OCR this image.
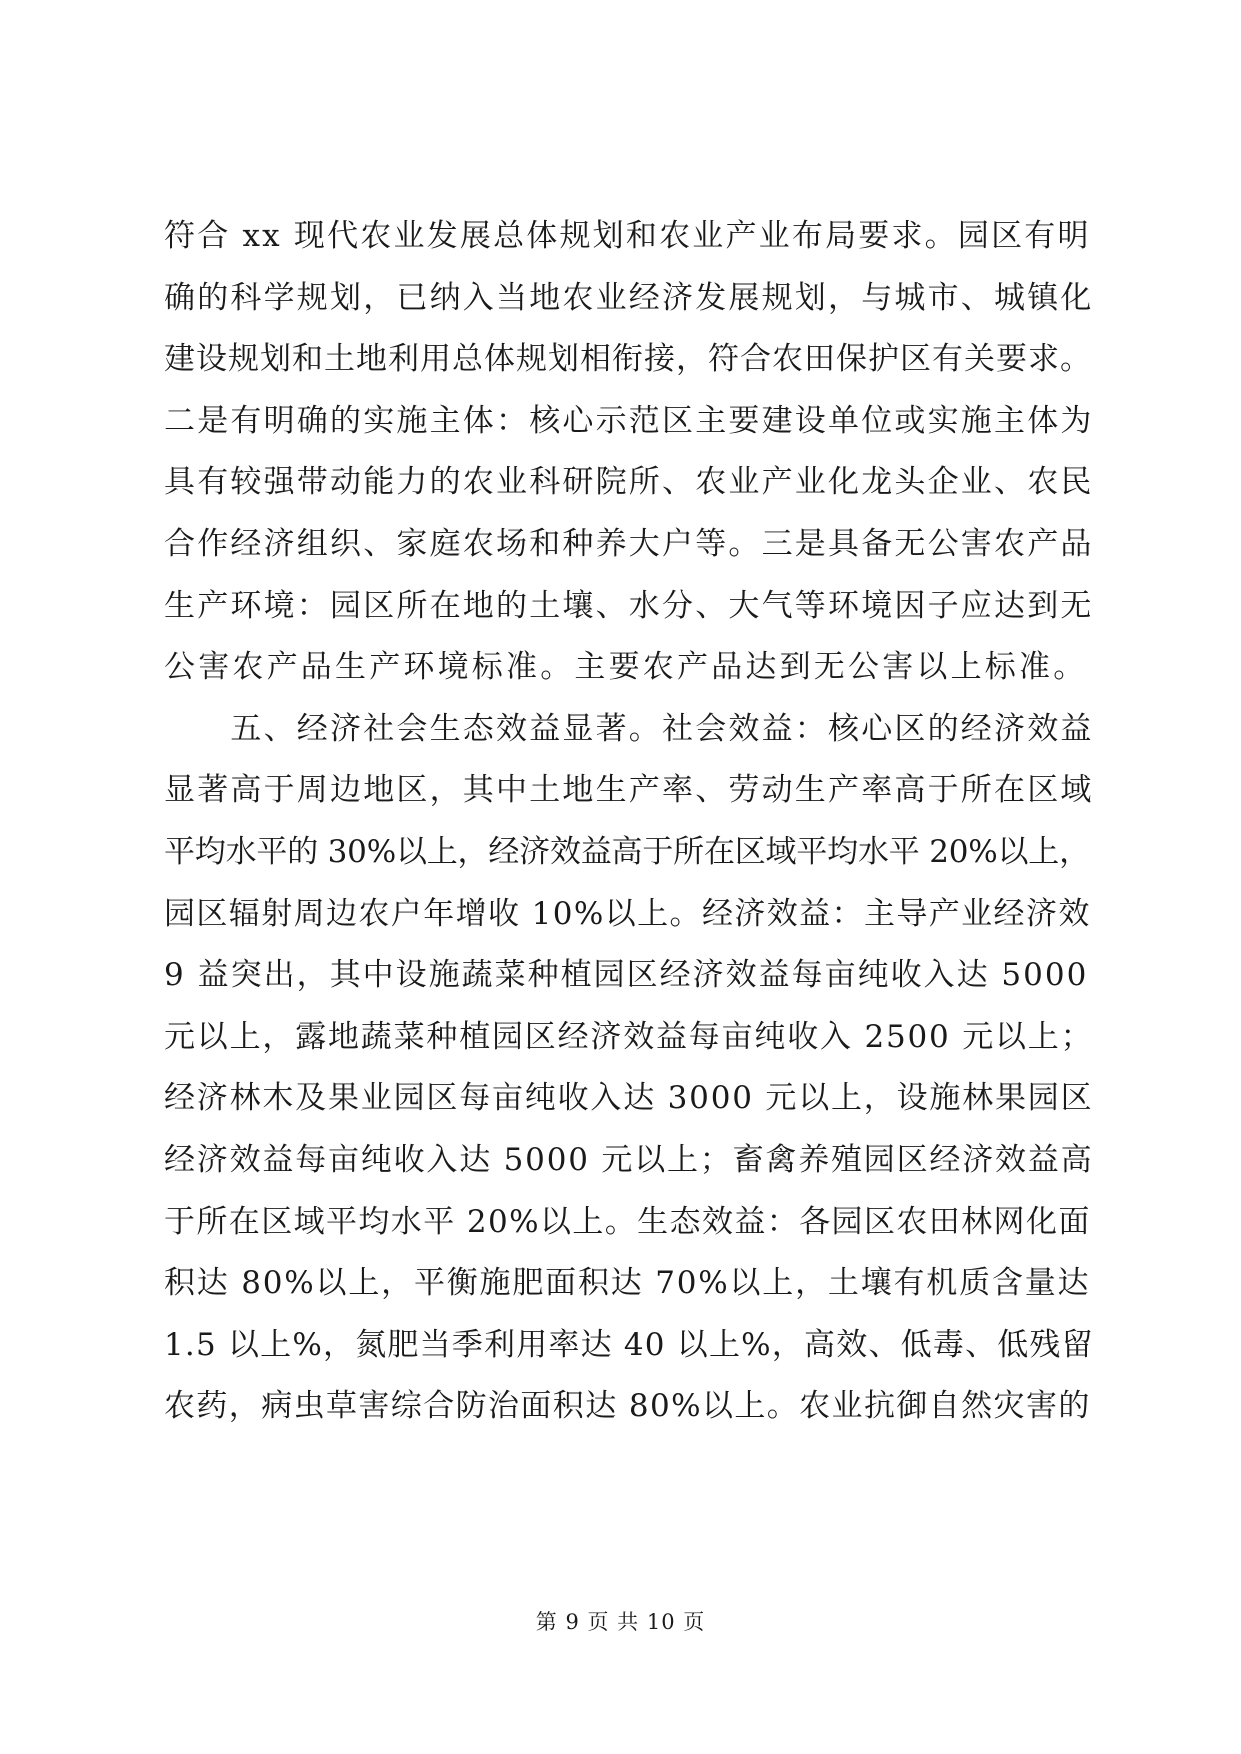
符合 xx 现代农业发展总体规划和农业产业布局要求。园区有明
确的科学规划，已纳入当地农业经济发展规划，与城市、城镇化
建设规划和土地利用总体规划相衔接，符合农田保护区有关要求。
二是有明确的实施主体：核心示范区主要建设单位或实施主体为
具有较强带动能力的农业科研院所、农业产业化龙头企业、农民
合作经济组织、家庭农场和种养大户等。三是具备无公害农产品
生产环境：园区所在地的土壤、水分、大气等环境因子应达到无
公害农产品生产环境标准。主要农产品达到无公害以上标准。
　　五、经济社会生态效益显著。社会效益：核心区的经济效益
显著高于周边地区，其中土地生产率、劳动生产率高于所在区域
平均水平的 30%以上，经济效益高于所在区域平均水平 20%以上，
园区辐射周边农户年增收 10%以上。经济效益：主导产业经济效
9 益突出，其中设施蔬菜种植园区经济效益每亩纯收入达 5000
元以上，露地蔬菜种植园区经济效益每亩纯收入 2500 元以上；
经济林木及果业园区每亩纯收入达 3000 元以上，设施林果园区
经济效益每亩纯收入达 5000 元以上；畜禽养殖园区经济效益高
于所在区域平均水平 20%以上。生态效益：各园区农田林网化面
积达 80%以上，平衡施肥面积达 70%以上，土壤有机质含量达
1.5 以上%，氮肥当季利用率达 40 以上%，高效、低毒、低残留
农药，病虫草害综合防治面积达 80%以上。农业抗御自然灾害的
第 9 页 共 10 页
